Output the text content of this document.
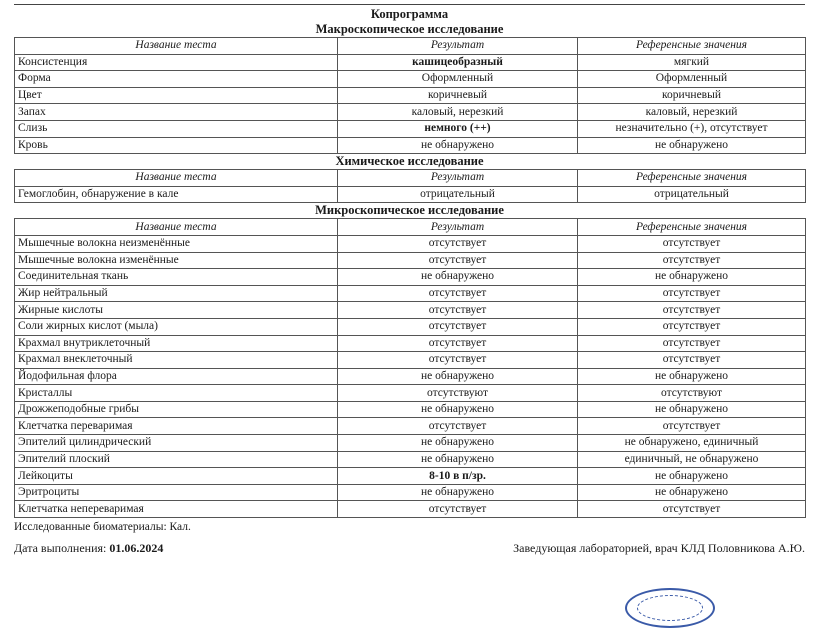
Копрограмма
Макроскопическое исследование
Название теста	Результат	Референсные значения
Консистенция	кашицеобразный	мягкий
Форма	Оформленный	Оформленный
Цвет	коричневый	коричневый
Запах	каловый, нерезкий	каловый, нерезкий
Слизь	немного (++)	незначительно (+), отсутствует
Кровь	не обнаружено	не обнаружено
Химическое исследование
Название теста	Результат	Референсные значения
Гемоглобин, обнаружение в кале	отрицательный	отрицательный
Микроскопическое исследование
Название теста	Результат	Референсные значения
Мышечные волокна неизменённые	отсутствует	отсутствует
Мышечные волокна изменённые	отсутствует	отсутствует
Соединительная ткань	не обнаружено	не обнаружено
Жир нейтральный	отсутствует	отсутствует
Жирные кислоты	отсутствует	отсутствует
Соли жирных кислот (мыла)	отсутствует	отсутствует
Крахмал внутриклеточный	отсутствует	отсутствует
Крахмал внеклеточный	отсутствует	отсутствует
Йодофильная флора	не обнаружено	не обнаружено
Кристаллы	отсутствуют	отсутствуют
Дрожжеподобные грибы	не обнаружено	не обнаружено
Клетчатка переваримая	отсутствует	отсутствует
Эпителий цилиндрический	не обнаружено	не обнаружено, единичный
Эпителий плоский	не обнаружено	единичный, не обнаружено
Лейкоциты	8-10 в п/зр.	не обнаружено
Эритроциты	не обнаружено	не обнаружено
Клетчатка непереваримая	отсутствует	отсутствует
Исследованные биоматериалы: Кал.
Дата выполнения: 01.06.2024	Заведующая лабораторией, врач КЛД Половникова А.Ю.
